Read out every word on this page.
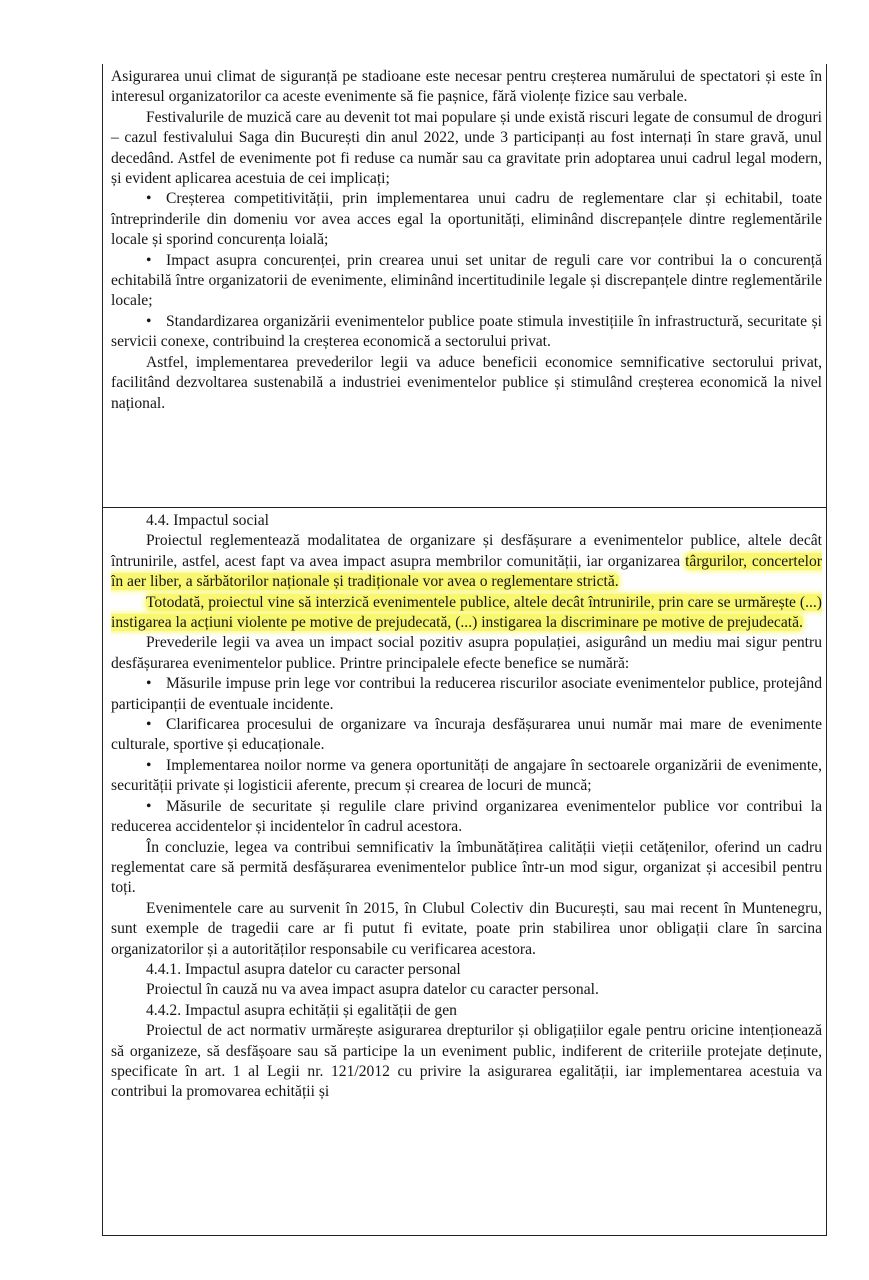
Asigurarea unui climat de siguranță pe stadioane este necesar pentru creșterea numărului de spectatori și este în interesul organizatorilor ca aceste evenimente să fie pașnice, fără violențe fizice sau verbale.

Festivalurile de muzică care au devenit tot mai populare și unde există riscuri legate de consumul de droguri – cazul festivalului Saga din București din anul 2022, unde 3 participanți au fost internați în stare gravă, unul decedând. Astfel de evenimente pot fi reduse ca număr sau ca gravitate prin adoptarea unui cadrul legal modern, și evident aplicarea acestuia de cei implicați;

• Creșterea competitivității, prin implementarea unui cadru de reglementare clar și echitabil, toate întreprinderile din domeniu vor avea acces egal la oportunități, eliminând discrepanțele dintre reglementările locale și sporind concurența loială;

• Impact asupra concurenței, prin crearea unui set unitar de reguli care vor contribui la o concurență echitabilă între organizatorii de evenimente, eliminând incertitudinile legale și discrepanțele dintre reglementările locale;

• Standardizarea organizării evenimentelor publice poate stimula investițiile în infrastructură, securitate și servicii conexe, contribuind la creșterea economică a sectorului privat.

Astfel, implementarea prevederilor legii va aduce beneficii economice semnificative sectorului privat, facilitând dezvoltarea sustenabilă a industriei evenimentelor publice și stimulând creșterea economică la nivel național.

4.4. Impactul social

Proiectul reglementează modalitatea de organizare și desfășurare a evenimentelor publice, altele decât întrunirile, astfel, acest fapt va avea impact asupra membrilor comunității, iar organizarea târgurilor, concertelor în aer liber, a sărbătorilor naționale și tradiționale vor avea o reglementare strictă.

Totodată, proiectul vine să interzică evenimentele publice, altele decât întrunirile, prin care se urmărește (...) instigarea la acțiuni violente pe motive de prejudecată, (...) instigarea la discriminare pe motive de prejudecată.

Prevederile legii va avea un impact social pozitiv asupra populației, asigurând un mediu mai sigur pentru desfășurarea evenimentelor publice. Printre principalele efecte benefice se numără:

• Măsurile impuse prin lege vor contribui la reducerea riscurilor asociate evenimentelor publice, protejând participanții de eventuale incidente.

• Clarificarea procesului de organizare va încuraja desfășurarea unui număr mai mare de evenimente culturale, sportive și educaționale.

• Implementarea noilor norme va genera oportunități de angajare în sectoarele organizării de evenimente, securității private și logisticii aferente, precum și crearea de locuri de muncă;

• Măsurile de securitate și regulile clare privind organizarea evenimentelor publice vor contribui la reducerea accidentelor și incidentelor în cadrul acestora.

În concluzie, legea va contribui semnificativ la îmbunătățirea calității vieții cetățenilor, oferind un cadru reglementat care să permită desfășurarea evenimentelor publice într-un mod sigur, organizat și accesibil pentru toți.

Evenimentele care au survenit în 2015, în Clubul Colectiv din București, sau mai recent în Muntenegru, sunt exemple de tragedii care ar fi putut fi evitate, poate prin stabilirea unor obligații clare în sarcina organizatorilor și a autorităților responsabile cu verificarea acestora.

4.4.1. Impactul asupra datelor cu caracter personal

Proiectul în cauză nu va avea impact asupra datelor cu caracter personal.

4.4.2. Impactul asupra echității și egalității de gen

Proiectul de act normativ urmărește asigurarea drepturilor și obligațiilor egale pentru oricine intenționează să organizeze, să desfășoare sau să participe la un eveniment public, indiferent de criteriile protejate deținute, specificate în art. 1 al Legii nr. 121/2012 cu privire la asigurarea egalității, iar implementarea acestuia va contribui la promovarea echității și
